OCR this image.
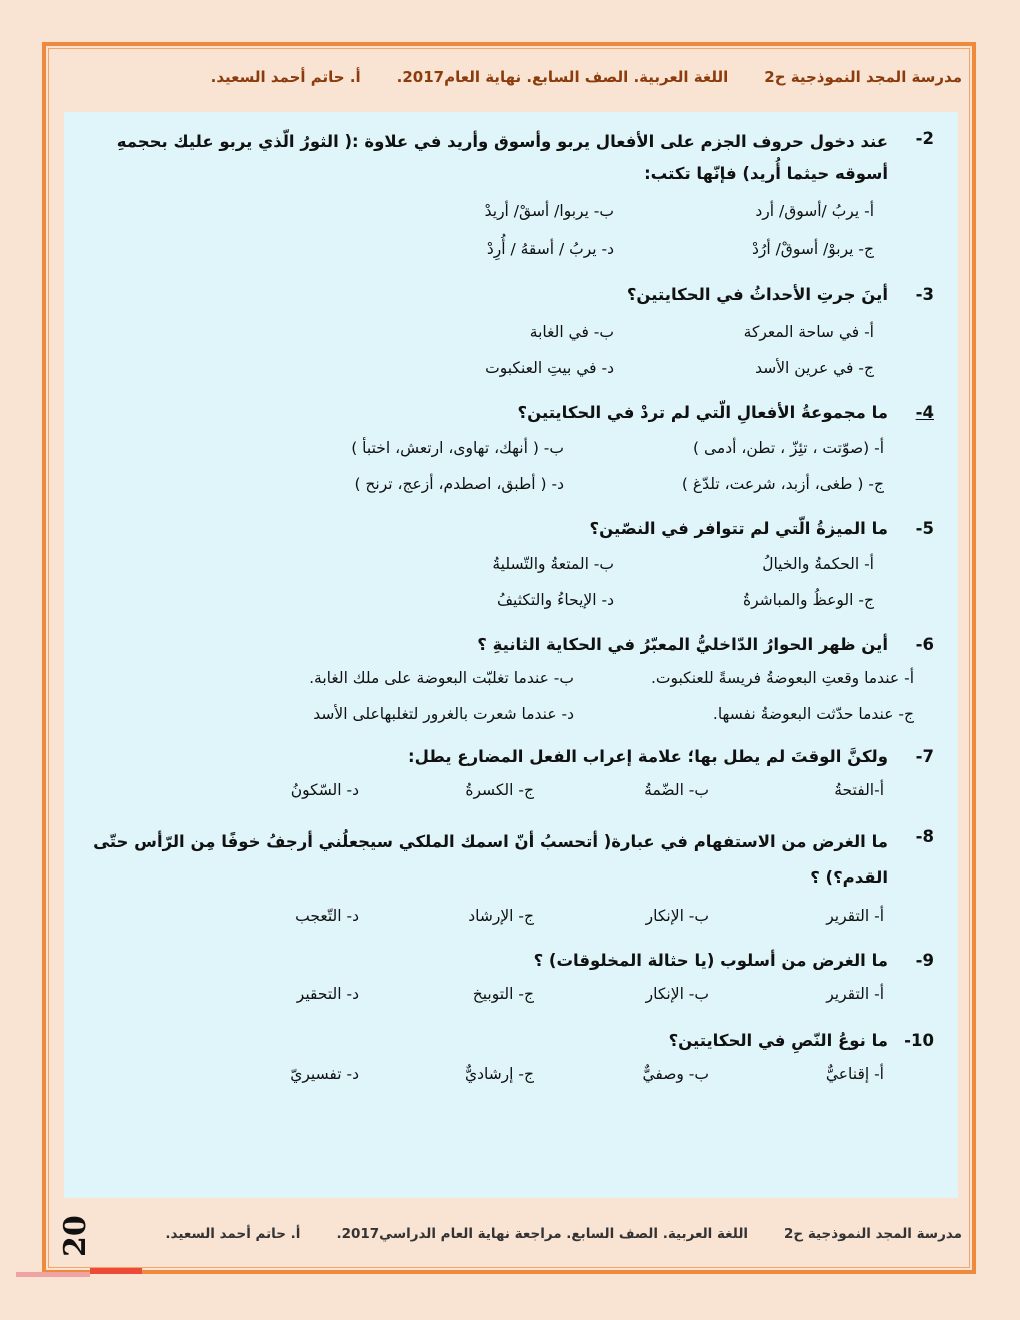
مدرسة المجد النموذجية ح2
اللغة العربية. الصف السابع. نهاية العام2017.
أ. حاتم أحمد السعيد.
2-
عند دخول حروف الجزم على الأفعال يربو وأسوق وأريد في علاوة :( الثورُ الّذي يربو عليك بحجمهِ أسوقه حيثما أُريد) فإنّها تكتب:
أ- يربُ /أسوق/ أرد
ب- يربوا/ أسقْ/ أريدْ
ج- يربوْ/ أسوقْ/ أرُدْ
د- يربُ / أسقهُ / أُرِدْ
3-
أينَ جرتِ الأحداثُ في الحكايتين؟
أ- في ساحة المعركة
ب- في الغابة
ج- في عرين الأسد
د- في بيتِ العنكبوت
4-
ما مجموعةُ الأفعالِ الّتي لم تردْ في الحكايتين؟
أ- (صوّتت ، تئِزّ ، تطن، أدمى )
ب- ( أنهك، تهاوى، ارتعش، اختبأ )
ج- ( طغى، أزبد، شرعت، تلدّغ )
د- ( أطبق، اصطدم، أزعج، ترنح )
5-
ما الميزةُ الّتي لم تتوافر في النصّين؟
أ- الحكمةُ والخيالُ
ب- المتعةُ والتّسليةُ
ج- الوعظُ والمباشرةُ
د- الإيحاءُ والتكثيفُ
6-
أين ظهر الحوارُ الدّاخليُّ المعبّرُ في الحكاية الثانيةِ ؟
أ- عندما وقعتِ البعوضةُ فريسةً للعنكبوت.
ب- عندما تغلبّت البعوضة على ملك الغابة.
ج- عندما حدّثت البعوضةُ نفسها.
د- عندما شعرت بالغرور لتغلبهاعلى الأسد
7-
ولكنَّ الوقتَ لم يطل بها؛ علامة إعراب الفعل المضارع يطل:
أ-الفتحةُ
ب- الضّمةُ
ج- الكسرةُ
د- السّكونُ
8-
ما الغرض من الاستفهام في عبارة( أتحسبُ أنّ اسمك الملكي سيجعلُني أرجفُ خوفًا مِن الرّأس حتّى القدم؟) ؟
أ- التقرير
ب- الإنكار
ج- الإرشاد
د- التّعجب
9-
ما الغرض من أسلوب (يا حثالة المخلوقات) ؟
أ- التقرير
ب- الإنكار
ج- التوبيخ
د- التحقير
10-
ما نوعُ النّصِ في الحكايتين؟
أ- إقناعيٌّ
ب- وصفيٌّ
ج- إرشاديٌّ
د- تفسيريّ
مدرسة المجد النموذجية ح2
اللغة العربية. الصف السابع. مراجعة نهاية العام الدراسي2017.
أ. حاتم أحمد السعيد.
20
